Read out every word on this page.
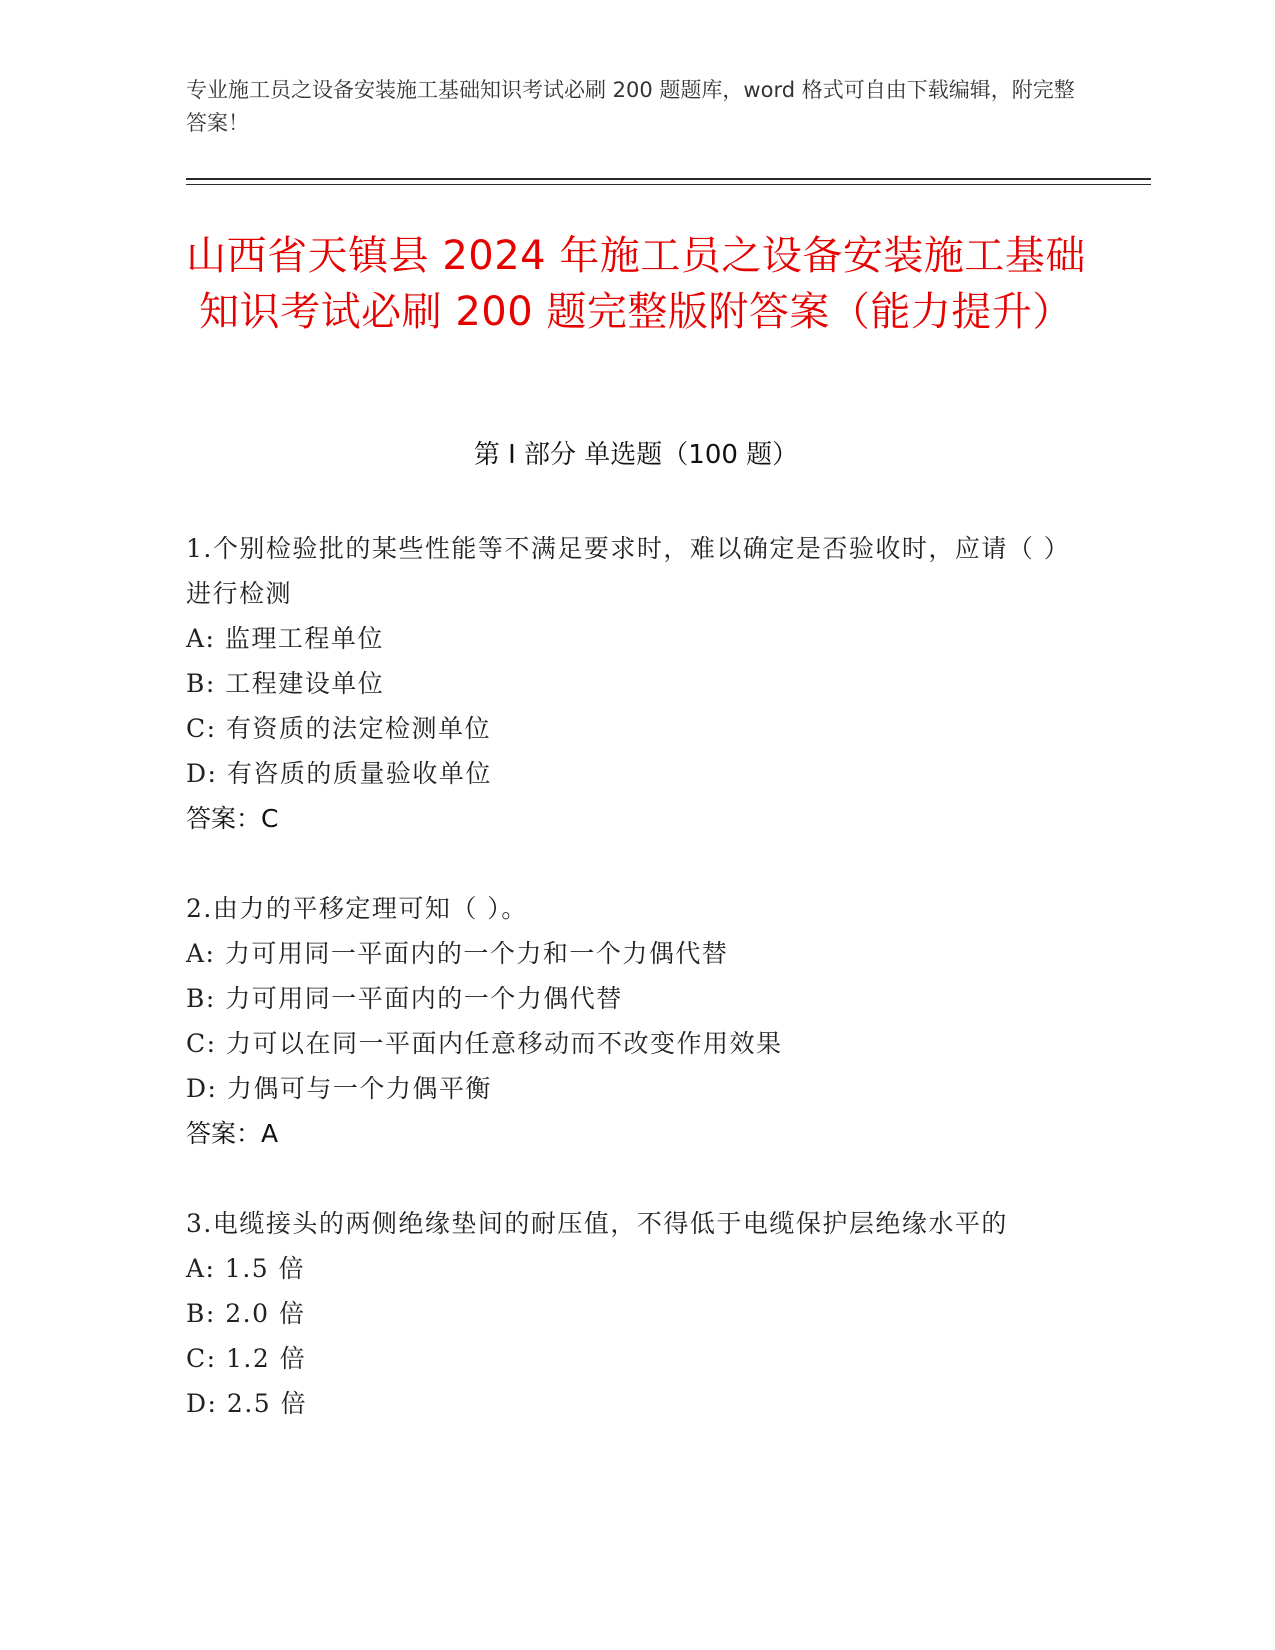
专业施工员之设备安装施工基础知识考试必刷 200 题题库，word 格式可自由下载编辑，附完整答案！
山西省天镇县 2024 年施工员之设备安装施工基础知识考试必刷 200 题完整版附答案（能力提升）
第 I 部分 单选题（100 题）

1.个别检验批的某些性能等不满足要求时，难以确定是否验收时，应请（ ）进行检测

A: 监理工程单位

B: 工程建设单位

C: 有资质的法定检测单位

D: 有咨质的质量验收单位

答案：C

2.由力的平移定理可知（ ）。

A: 力可用同一平面内的一个力和一个力偶代替

B: 力可用同一平面内的一个力偶代替

C: 力可以在同一平面内任意移动而不改变作用效果

D: 力偶可与一个力偶平衡

答案：A

3.电缆接头的两侧绝缘垫间的耐压值，不得低于电缆保护层绝缘水平的

A: 1.5 倍

B: 2.0 倍

C: 1.2 倍

D: 2.5 倍
